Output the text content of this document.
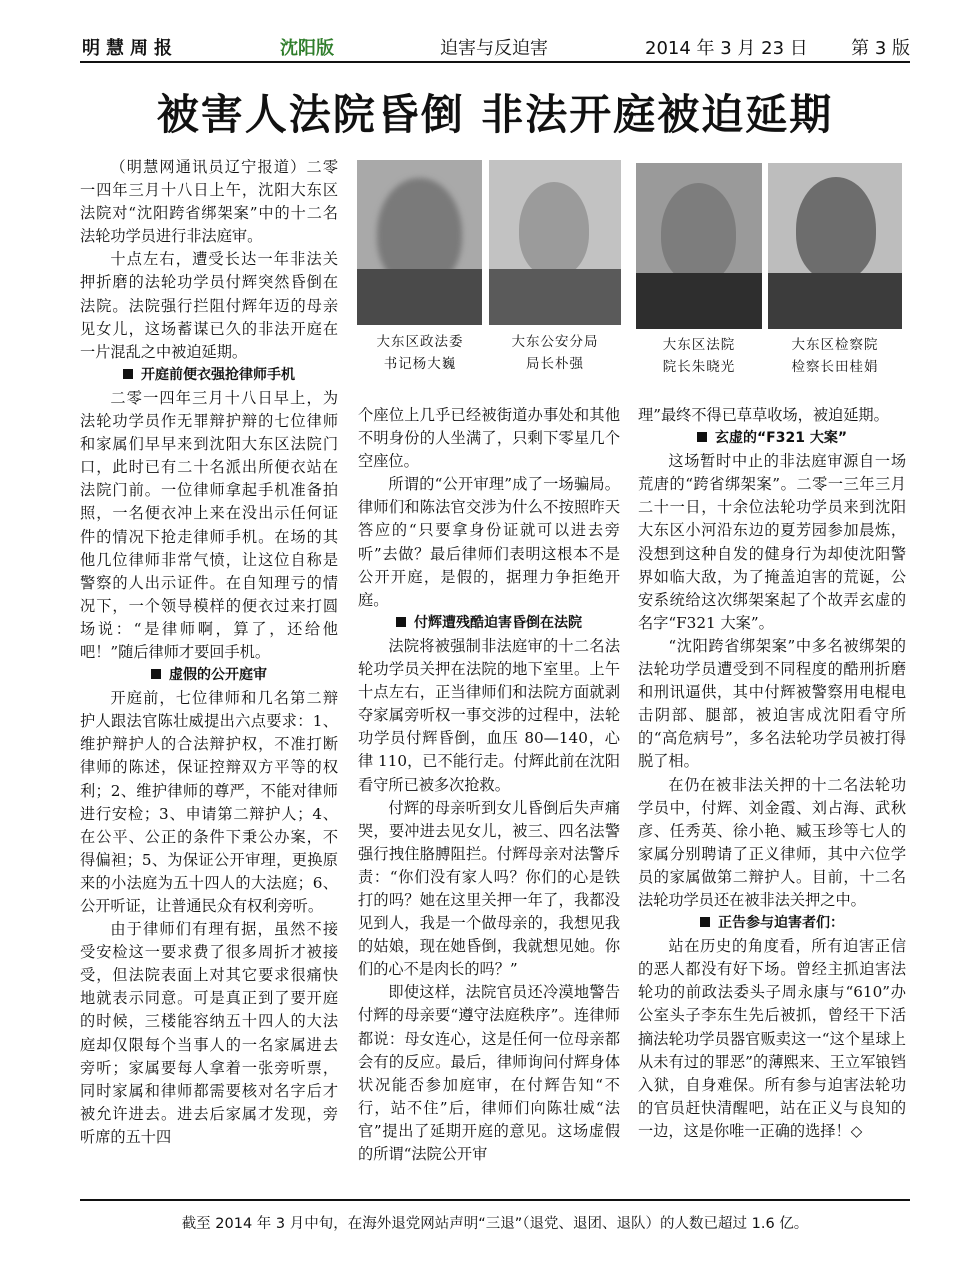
明慧周报	沈阳版	迫害与反迫害	2014 年 3 月 23 日 第 3 版
被害人法院昏倒 非法开庭被迫延期
大东区政法委
书记杨大巍
大东公安分局
局长朴强
大东区法院
院长朱晓光
大东区检察院
检察长田桂娟

（明慧网通讯员辽宁报道）二零一四年三月十八日上午，沈阳大东区法院对“沈阳跨省绑架案”中的十二名法轮功学员进行非法庭审。

十点左右，遭受长达一年非法关押折磨的法轮功学员付辉突然昏倒在法院。法院强行拦阻付辉年迈的母亲见女儿，这场蓄谋已久的非法开庭在一片混乱之中被迫延期。

开庭前便衣强抢律师手机

二零一四年三月十八日早上，为法轮功学员作无罪辩护辩的七位律师和家属们早早来到沈阳大东区法院门口，此时已有二十名派出所便衣站在法院门前。一位律师拿起手机准备拍照，一名便衣冲上来在没出示任何证件的情况下抢走律师手机。在场的其他几位律师非常气愤，让这位自称是警察的人出示证件。在自知理亏的情况下，一个领导模样的便衣过来打圆场说：“是律师啊，算了，还给他吧！”随后律师才要回手机。

虚假的公开庭审

开庭前，七位律师和几名第二辩护人跟法官陈壮威提出六点要求：1、维护辩护人的合法辩护权，不准打断律师的陈述，保证控辩双方平等的权利；2、维护律师的尊严，不能对律师进行安检；3、申请第二辩护人；4、在公平、公正的条件下秉公办案，不得偏袒；5、为保证公开审理，更换原来的小法庭为五十四人的大法庭；6、公开听证，让普通民众有权利旁听。

由于律师们有理有据，虽然不接受安检这一要求费了很多周折才被接受，但法院表面上对其它要求很痛快地就表示同意。可是真正到了要开庭的时候，三楼能容纳五十四人的大法庭却仅限每个当事人的一名家属进去旁听；家属要每人拿着一张旁听票，同时家属和律师都需要核对名字后才被允许进去。进去后家属才发现，旁听席的五十四

个座位上几乎已经被街道办事处和其他不明身份的人坐满了，只剩下零星几个空座位。

所谓的“公开审理”成了一场骗局。律师们和陈法官交涉为什么不按照昨天答应的“只要拿身份证就可以进去旁听”去做？最后律师们表明这根本不是公开开庭，是假的，据理力争拒绝开庭。

付辉遭残酷迫害昏倒在法院

法院将被强制非法庭审的十二名法轮功学员关押在法院的地下室里。上午十点左右，正当律师们和法院方面就剥夺家属旁听权一事交涉的过程中，法轮功学员付辉昏倒，血压 80—140，心律 110，已不能行走。付辉此前在沈阳看守所已被多次抢救。

付辉的母亲听到女儿昏倒后失声痛哭，要冲进去见女儿，被三、四名法警强行拽住胳膊阻拦。付辉母亲对法警斥责：“你们没有家人吗？你们的心是铁打的吗？她在这里关押一年了，我都没见到人，我是一个做母亲的，我想见我的姑娘，现在她昏倒，我就想见她。你们的心不是肉长的吗？”

即使这样，法院官员还冷漠地警告付辉的母亲要“遵守法庭秩序”。连律师都说：母女连心，这是任何一位母亲都会有的反应。最后，律师询问付辉身体状况能否参加庭审，在付辉告知“不行，站不住”后，律师们向陈壮威“法官”提出了延期开庭的意见。这场虚假的所谓“法院公开审

理”最终不得已草草收场，被迫延期。

玄虚的“F321 大案”

这场暂时中止的非法庭审源自一场荒唐的“跨省绑架案”。二零一三年三月二十一日，十余位法轮功学员来到沈阳大东区小河沿东边的夏芳园参加晨炼，没想到这种自发的健身行为却使沈阳警界如临大敌，为了掩盖迫害的荒诞，公安系统给这次绑架案起了个故弄玄虚的名字“F321 大案”。

“沈阳跨省绑架案”中多名被绑架的法轮功学员遭受到不同程度的酷刑折磨和刑讯逼供，其中付辉被警察用电棍电击阴部、腿部，被迫害成沈阳看守所的“高危病号”，多名法轮功学员被打得脱了相。

在仍在被非法关押的十二名法轮功学员中，付辉、刘金霞、刘占海、武秋彦、任秀英、徐小艳、臧玉珍等七人的家属分别聘请了正义律师，其中六位学员的家属做第二辩护人。目前，十二名法轮功学员还在被非法关押之中。

正告参与迫害者们：

站在历史的角度看，所有迫害正信的恶人都没有好下场。曾经主抓迫害法轮功的前政法委头子周永康与“610”办公室头子李东生先后被抓，曾经干下活摘法轮功学员器官贩卖这一“这个星球上从未有过的罪恶”的薄熙来、王立军锒铛入狱，自身难保。所有参与迫害法轮功的官员赶快清醒吧，站在正义与良知的一边，这是你唯一正确的选择！◇

截至 2014 年 3 月中旬，在海外退党网站声明“三退”（退党、退团、退队）的人数已超过 1.6 亿。
